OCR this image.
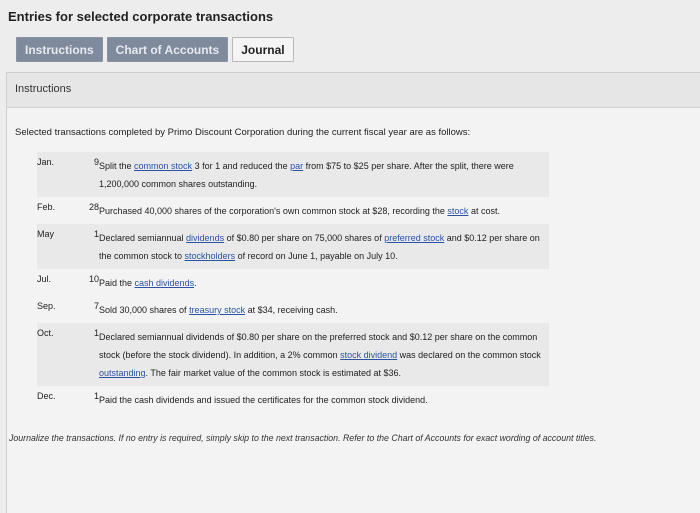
Entries for selected corporate transactions
Instructions	Chart of Accounts	Journal
Instructions
Selected transactions completed by Primo Discount Corporation during the current fiscal year are as follows:
Jan.	9	Split the common stock 3 for 1 and reduced the par from $75 to $25 per share. After the split, there were 1,200,000 common shares outstanding.
Feb.	28	Purchased 40,000 shares of the corporation's own common stock at $28, recording the stock at cost.
May	1	Declared semiannual dividends of $0.80 per share on 75,000 shares of preferred stock and $0.12 per share on the common stock to stockholders of record on June 1, payable on July 10.
Jul.	10	Paid the cash dividends.
Sep.	7	Sold 30,000 shares of treasury stock at $34, receiving cash.
Oct.	1	Declared semiannual dividends of $0.80 per share on the preferred stock and $0.12 per share on the common stock (before the stock dividend). In addition, a 2% common stock dividend was declared on the common stock outstanding. The fair market value of the common stock is estimated at $36.
Dec.	1	Paid the cash dividends and issued the certificates for the common stock dividend.
Journalize the transactions. If no entry is required, simply skip to the next transaction. Refer to the Chart of Accounts for exact wording of account titles.
